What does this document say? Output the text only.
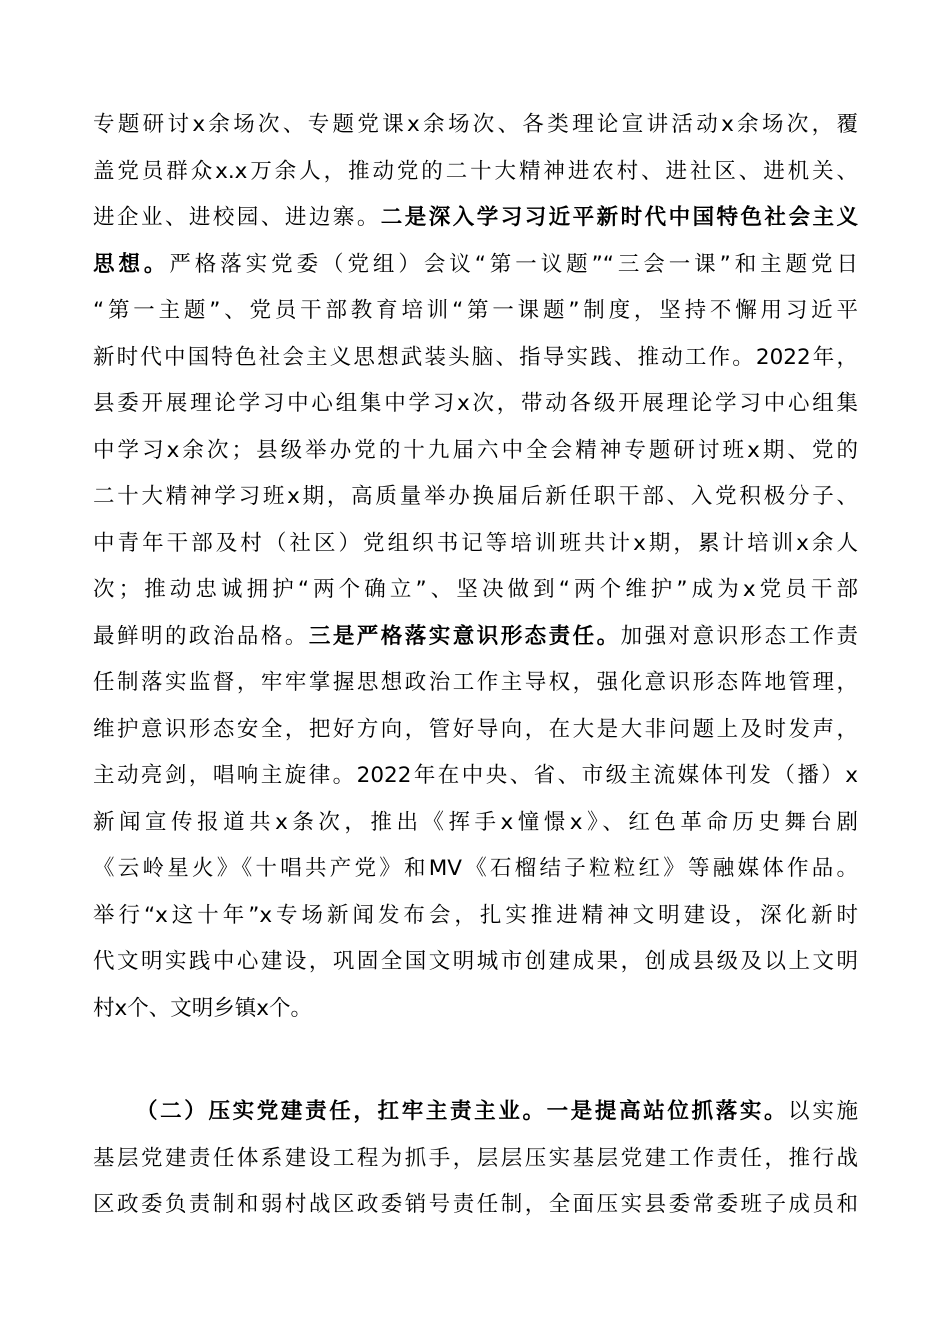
专题研讨x余场次、专题党课x余场次、各类理论宣讲活动x余场次，覆
盖党员群众x.x万余人，推动党的二十大精神进农村、进社区、进机关、
进企业、进校园、进边寨。二是深入学习习近平新时代中国特色社会主义
思想。严格落实党委（党组）会议“第一议题”“三会一课”和主题党日
“第一主题”、党员干部教育培训“第一课题”制度，坚持不懈用习近平
新时代中国特色社会主义思想武装头脑、指导实践、推动工作。2022年，
县委开展理论学习中心组集中学习x次，带动各级开展理论学习中心组集
中学习x余次；县级举办党的十九届六中全会精神专题研讨班x期、党的
二十大精神学习班x期，高质量举办换届后新任职干部、入党积极分子、
中青年干部及村（社区）党组织书记等培训班共计x期，累计培训x余人
次；推动忠诚拥护“两个确立”、坚决做到“两个维护”成为x党员干部
最鲜明的政治品格。三是严格落实意识形态责任。加强对意识形态工作责
任制落实监督，牢牢掌握思想政治工作主导权，强化意识形态阵地管理，
维护意识形态安全，把好方向，管好导向，在大是大非问题上及时发声，
主动亮剑，唱响主旋律。2022年在中央、省、市级主流媒体刊发（播）x
新闻宣传报道共x条次，推出《挥手x憧憬x》、红色革命历史舞台剧
《云岭星火》《十唱共产党》和MV《石榴结子粒粒红》等融媒体作品。
举行“x这十年”x专场新闻发布会，扎实推进精神文明建设，深化新时
代文明实践中心建设，巩固全国文明城市创建成果，创成县级及以上文明
村x个、文明乡镇x个。
（二）压实党建责任，扛牢主责主业。一是提高站位抓落实。以实施
基层党建责任体系建设工程为抓手，层层压实基层党建工作责任，推行战
区政委负责制和弱村战区政委销号责任制，全面压实县委常委班子成员和
